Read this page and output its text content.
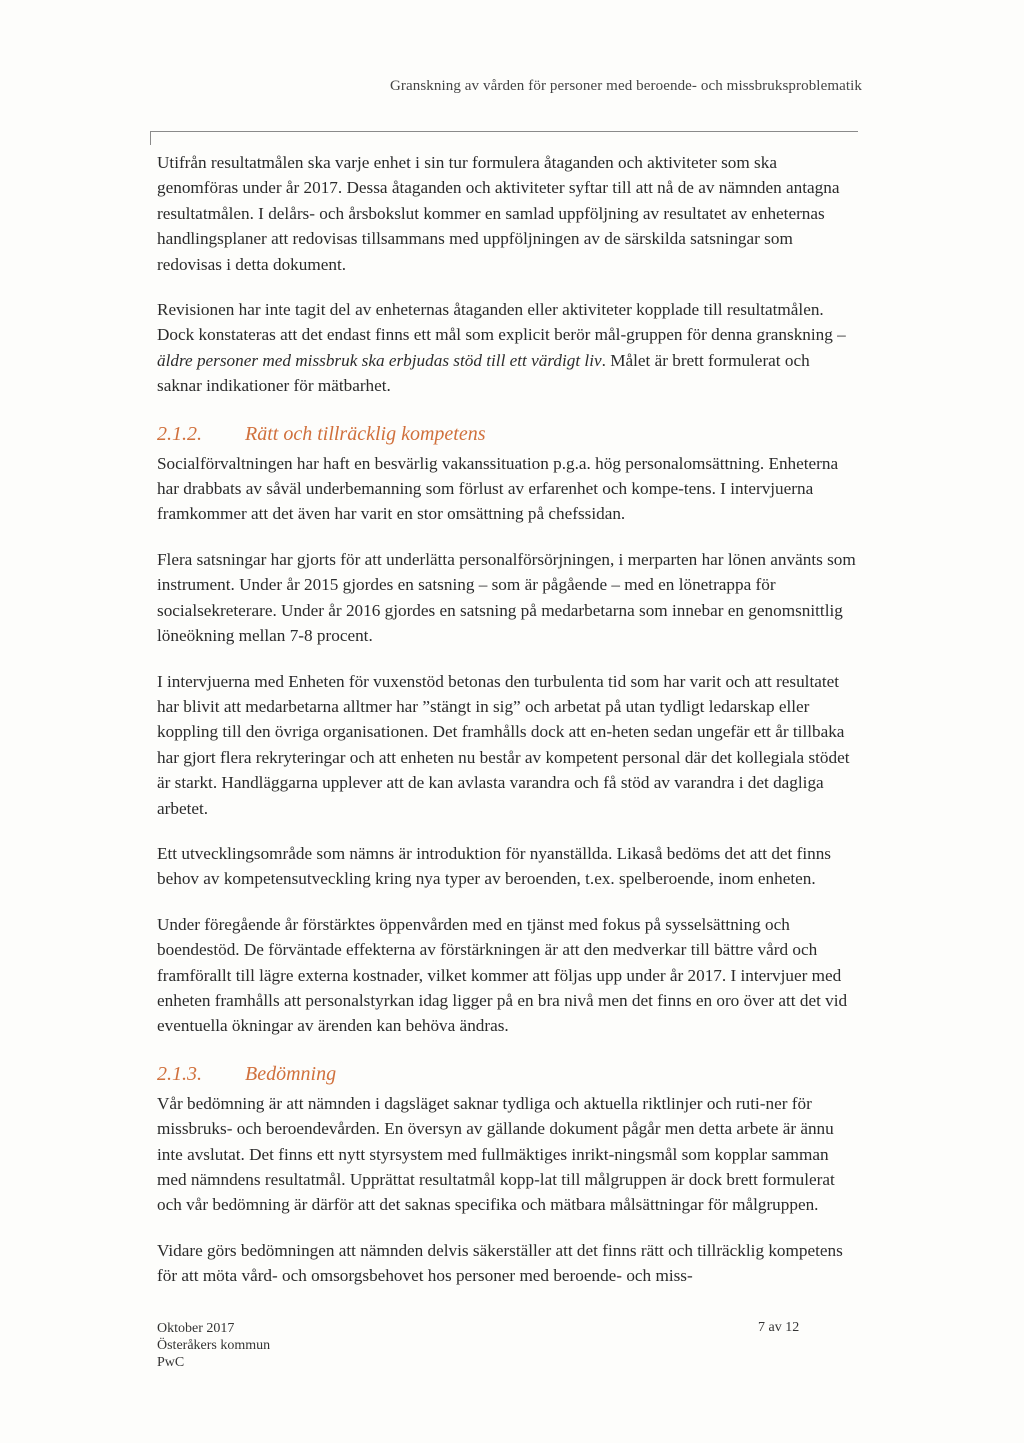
Granskning av vården för personer med beroende- och missbruksproblematik

Utifrån resultatmålen ska varje enhet i sin tur formulera åtaganden och aktiviteter som ska genomföras under år 2017. Dessa åtaganden och aktiviteter syftar till att nå de av nämnden antagna resultatmålen. I delårs- och årsbokslut kommer en samlad uppföljning av resultatet av enheternas handlingsplaner att redovisas tillsammans med uppföljningen av de särskilda satsningar som redovisas i detta dokument.

Revisionen har inte tagit del av enheternas åtaganden eller aktiviteter kopplade till resultatmålen. Dock konstateras att det endast finns ett mål som explicit berör mål-gruppen för denna granskning – äldre personer med missbruk ska erbjudas stöd till ett värdigt liv. Målet är brett formulerat och saknar indikationer för mätbarhet.

2.1.2. Rätt och tillräcklig kompetens

Socialförvaltningen har haft en besvärlig vakanssituation p.g.a. hög personalomsättning. Enheterna har drabbats av såväl underbemanning som förlust av erfarenhet och kompe-tens. I intervjuerna framkommer att det även har varit en stor omsättning på chefssidan.

Flera satsningar har gjorts för att underlätta personalförsörjningen, i merparten har lönen använts som instrument. Under år 2015 gjordes en satsning – som är pågående – med en lönetrappa för socialsekreterare. Under år 2016 gjordes en satsning på medarbetarna som innebar en genomsnittlig löneökning mellan 7-8 procent.

I intervjuerna med Enheten för vuxenstöd betonas den turbulenta tid som har varit och att resultatet har blivit att medarbetarna alltmer har ”stängt in sig” och arbetat på utan tydligt ledarskap eller koppling till den övriga organisationen. Det framhålls dock att en-heten sedan ungefär ett år tillbaka har gjort flera rekryteringar och att enheten nu består av kompetent personal där det kollegiala stödet är starkt. Handläggarna upplever att de kan avlasta varandra och få stöd av varandra i det dagliga arbetet.

Ett utvecklingsområde som nämns är introduktion för nyanställda. Likaså bedöms det att det finns behov av kompetensutveckling kring nya typer av beroenden, t.ex. spelberoende, inom enheten.

Under föregående år förstärktes öppenvården med en tjänst med fokus på sysselsättning och boendestöd. De förväntade effekterna av förstärkningen är att den medverkar till bättre vård och framförallt till lägre externa kostnader, vilket kommer att följas upp under år 2017. I intervjuer med enheten framhålls att personalstyrkan idag ligger på en bra nivå men det finns en oro över att det vid eventuella ökningar av ärenden kan behöva ändras.

2.1.3. Bedömning

Vår bedömning är att nämnden i dagsläget saknar tydliga och aktuella riktlinjer och ruti-ner för missbruks- och beroendevården. En översyn av gällande dokument pågår men detta arbete är ännu inte avslutat. Det finns ett nytt styrsystem med fullmäktiges inrikt-ningsmål som kopplar samman med nämndens resultatmål. Upprättat resultatmål kopp-lat till målgruppen är dock brett formulerat och vår bedömning är därför att det saknas specifika och mätbara målsättningar för målgruppen.

Vidare görs bedömningen att nämnden delvis säkerställer att det finns rätt och tillräcklig kompetens för att möta vård- och omsorgsbehovet hos personer med beroende- och miss-

Oktober 2017
Österåkers kommun
PwC
7 av 12
